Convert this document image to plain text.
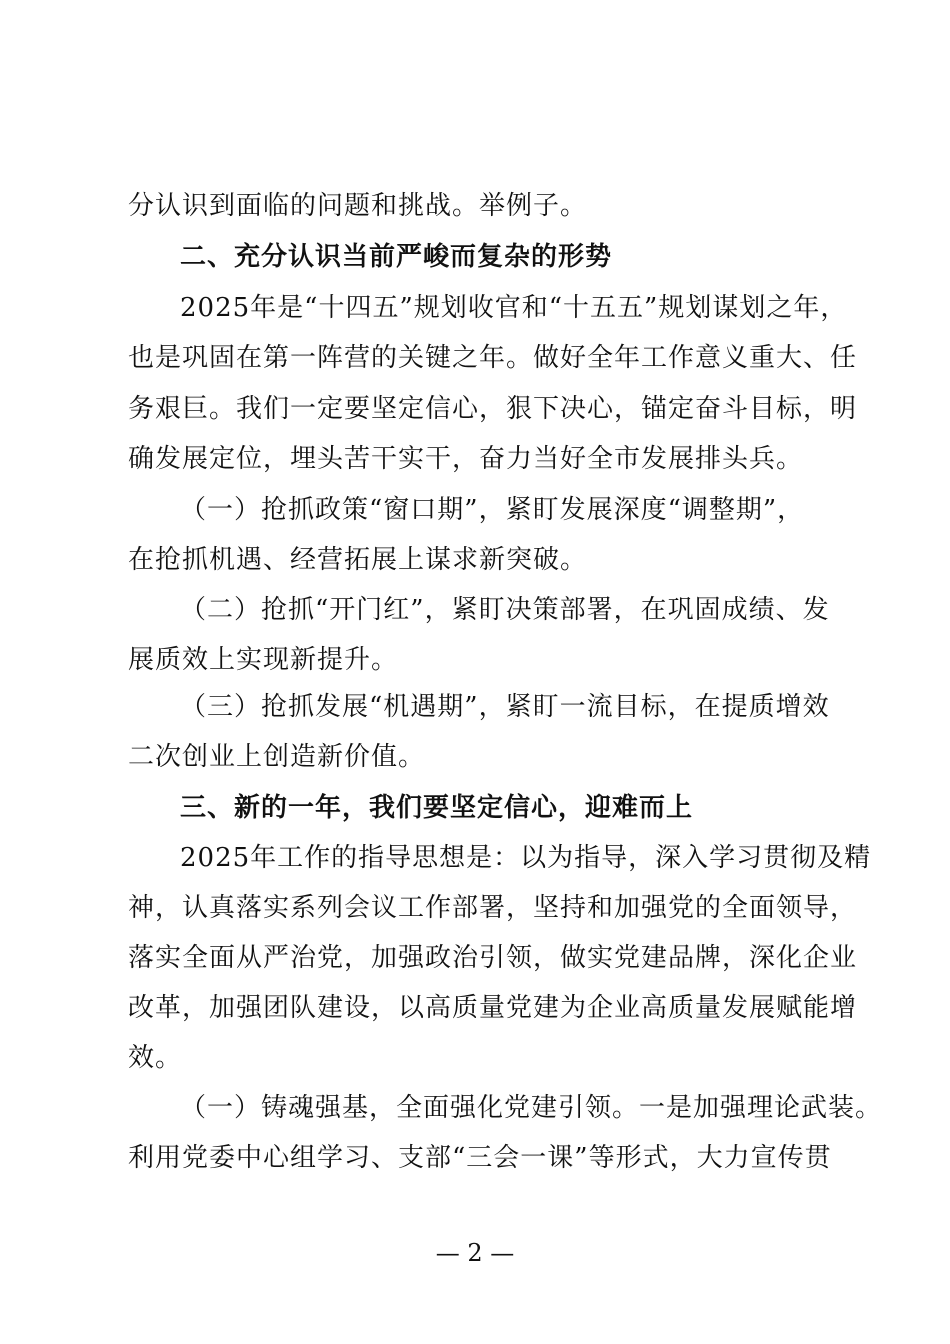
分认识到面临的问题和挑战。举例子。
二、充分认识当前严峻而复杂的形势
2025年是“十四五”规划收官和“十五五”规划谋划之年，
也是巩固在第一阵营的关键之年。做好全年工作意义重大、任
务艰巨。我们一定要坚定信心，狠下决心，锚定奋斗目标，明
确发展定位，埋头苦干实干，奋力当好全市发展排头兵。
（一）抢抓政策“窗口期”，紧盯发展深度“调整期”，
在抢抓机遇、经营拓展上谋求新突破。
（二）抢抓“开门红”，紧盯决策部署，在巩固成绩、发
展质效上实现新提升。
（三）抢抓发展“机遇期”，紧盯一流目标，在提质增效
二次创业上创造新价值。
三、新的一年，我们要坚定信心，迎难而上
2025年工作的指导思想是：以为指导，深入学习贯彻及精
神，认真落实系列会议工作部署，坚持和加强党的全面领导，
落实全面从严治党，加强政治引领，做实党建品牌，深化企业
改革，加强团队建设，以高质量党建为企业高质量发展赋能增
效。
（一）铸魂强基，全面强化党建引领。一是加强理论武装。
利用党委中心组学习、支部“三会一课”等形式，大力宣传贯
— 2 —
